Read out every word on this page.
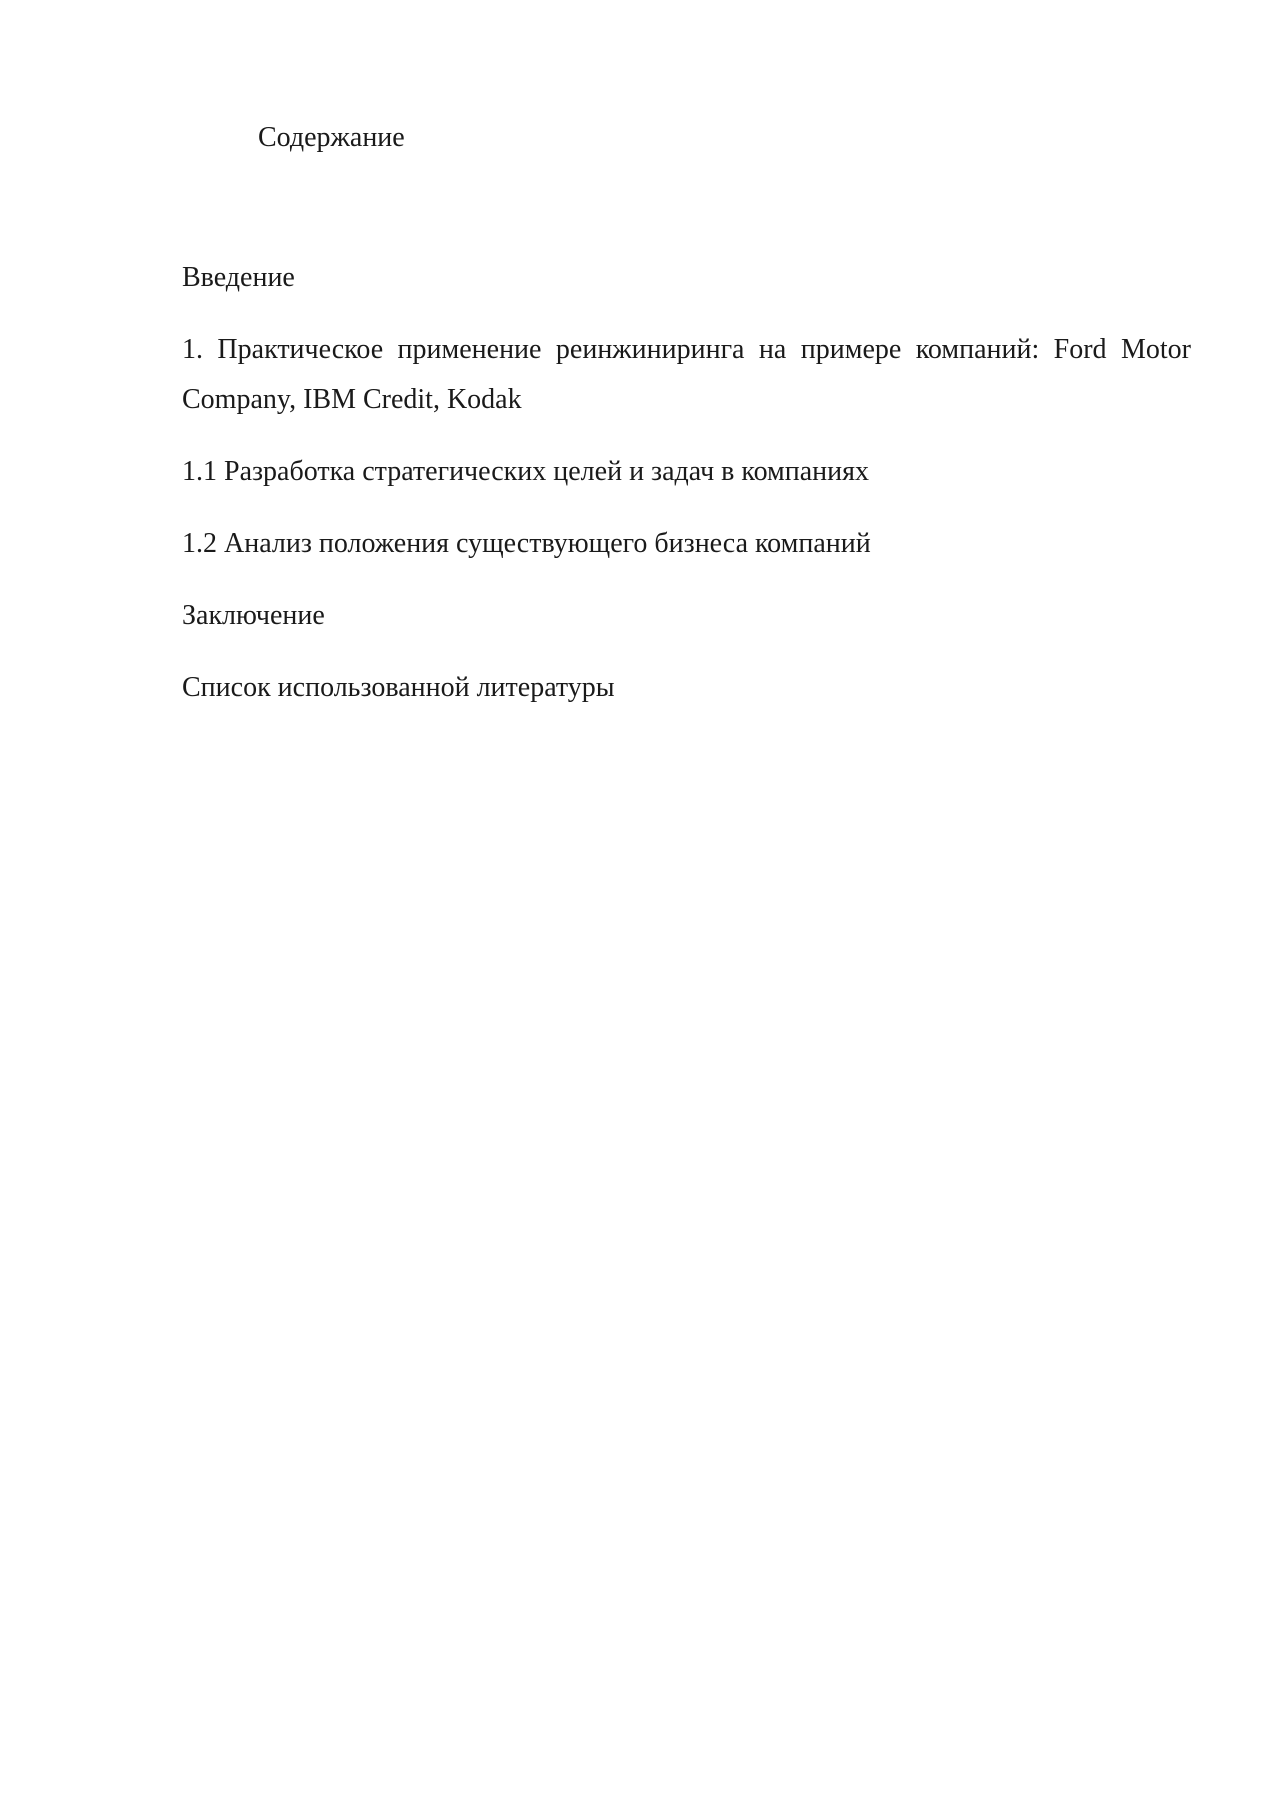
Содержание

Введение

1. Практическое применение реинжиниринга на примере компаний: Ford Motor Company, IBM Credit, Kodak

1.1 Разработка стратегических целей и задач в компаниях

1.2 Анализ положения существующего бизнеса компаний

Заключение

Список использованной литературы
